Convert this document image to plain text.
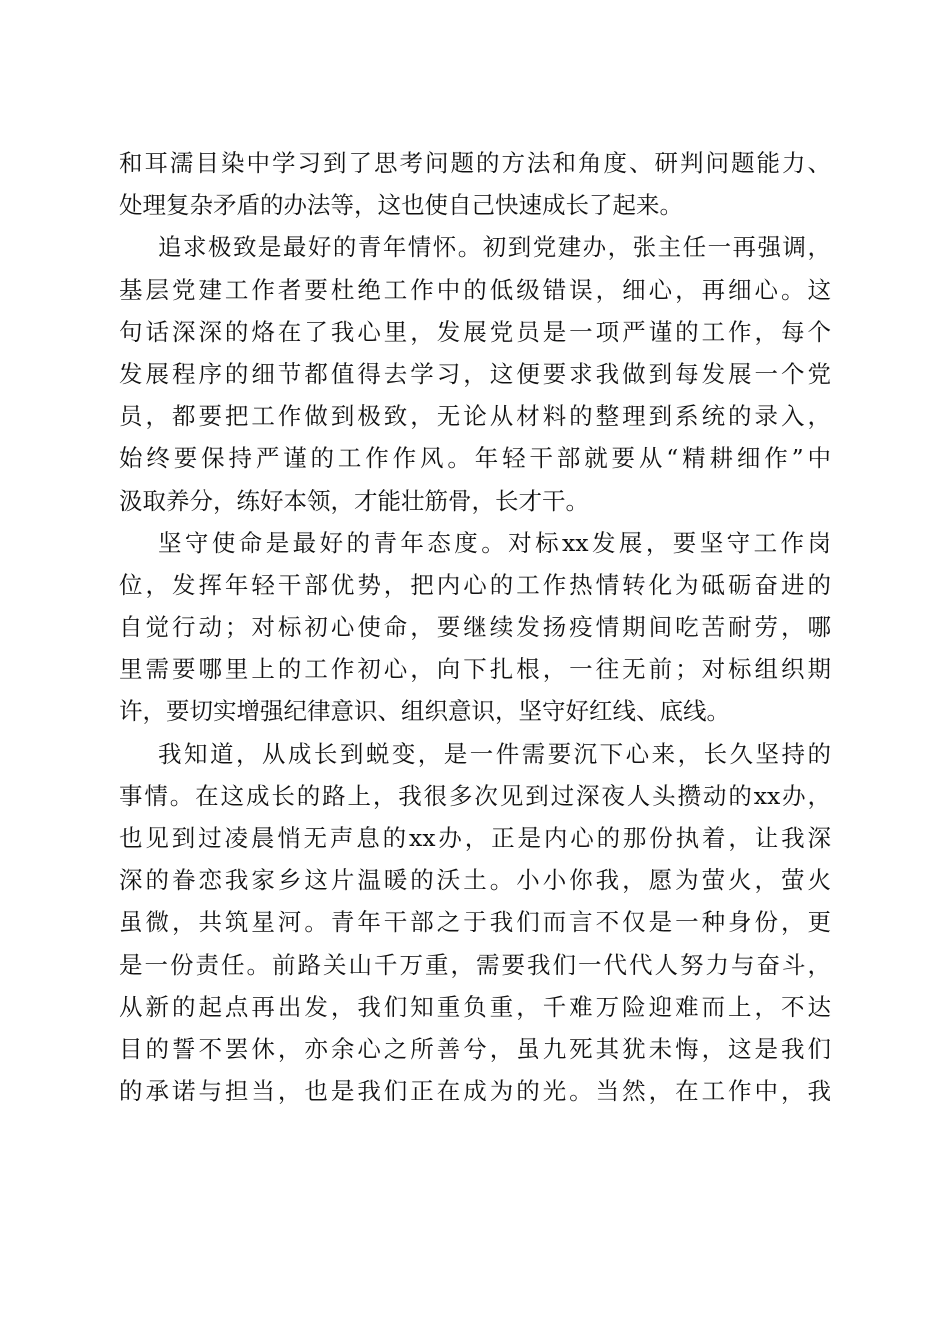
和耳濡目染中学习到了思考问题的方法和角度、研判问题能力、
处理复杂矛盾的办法等，这也使自己快速成长了起来。
追求极致是最好的青年情怀。初到党建办，张主任一再强调，
基层党建工作者要杜绝工作中的低级错误，细心，再细心。这
句话深深的烙在了我心里，发展党员是一项严谨的工作，每个
发展程序的细节都值得去学习，这便要求我做到每发展一个党
员，都要把工作做到极致，无论从材料的整理到系统的录入，
始终要保持严谨的工作作风。年轻干部就要从“精耕细作”中
汲取养分，练好本领，才能壮筋骨，长才干。
坚守使命是最好的青年态度。对标xx发展，要坚守工作岗
位，发挥年轻干部优势，把内心的工作热情转化为砥砺奋进的
自觉行动；对标初心使命，要继续发扬疫情期间吃苦耐劳，哪
里需要哪里上的工作初心，向下扎根，一往无前；对标组织期
许，要切实增强纪律意识、组织意识，坚守好红线、底线。
我知道，从成长到蜕变，是一件需要沉下心来，长久坚持的
事情。在这成长的路上，我很多次见到过深夜人头攒动的xx办，
也见到过凌晨悄无声息的xx办，正是内心的那份执着，让我深
深的眷恋我家乡这片温暖的沃土。小小你我，愿为萤火，萤火
虽微，共筑星河。青年干部之于我们而言不仅是一种身份，更
是一份责任。前路关山千万重，需要我们一代代人努力与奋斗，
从新的起点再出发，我们知重负重，千难万险迎难而上，不达
目的誓不罢休，亦余心之所善兮，虽九死其犹未悔，这是我们
的承诺与担当，也是我们正在成为的光。当然，在工作中，我
